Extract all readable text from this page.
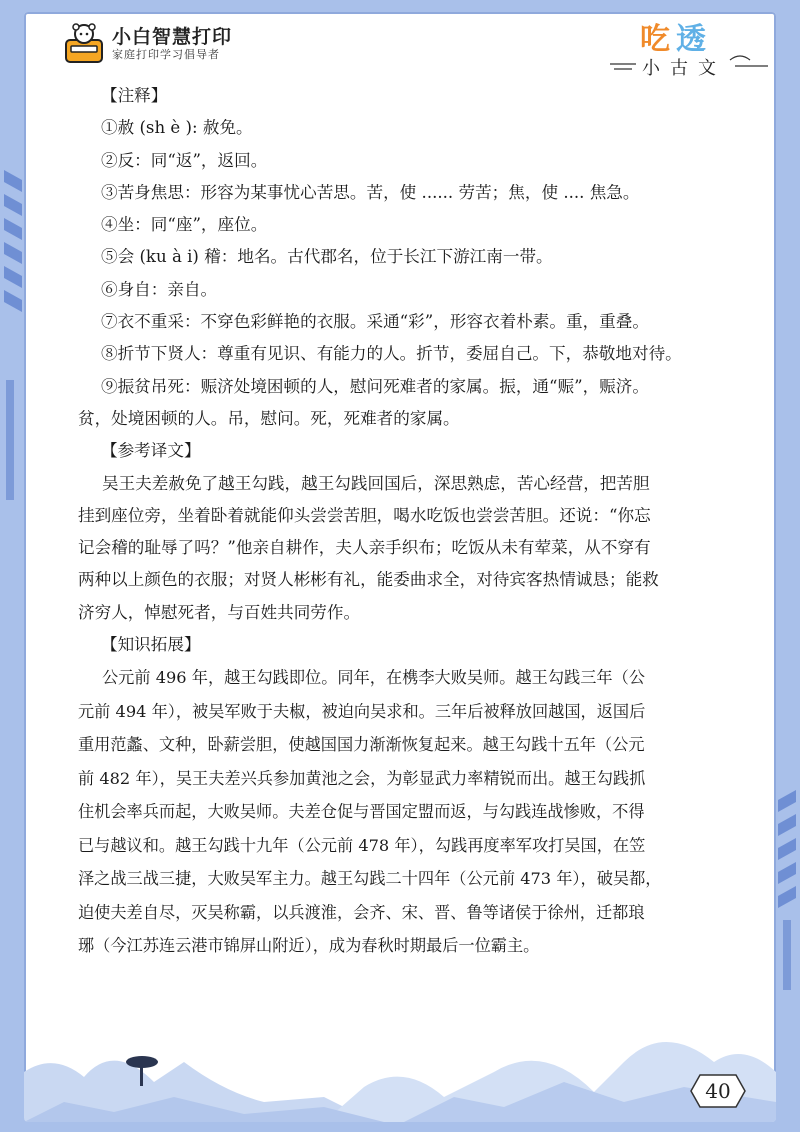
40
小白智慧打印
家庭打印学习倡导者	吃 透
小古文
【注释】
①赦 (sh è ): 赦免。
②反：同“返”，返回。
③苦身焦思：形容为某事忧心苦思。苦，使 ...... 劳苦；焦，使 .... 焦急。
④坐：同“座”，座位。
⑤会 (ku à i) 稽：地名。古代郡名，位于长江下游江南一带。
⑥身自：亲自。
⑦衣不重采：不穿色彩鲜艳的衣服。采通“彩”，形容衣着朴素。重，重叠。
⑧折节下贤人：尊重有见识、有能力的人。折节，委屈自己。下，恭敬地对待。
⑨振贫吊死：赈济处境困顿的人，慰问死难者的家属。振，通“赈”，赈济。
贫，处境困顿的人。吊，慰问。死，死难者的家属。
【参考译文】
吴王夫差赦免了越王勾践，越王勾践回国后，深思熟虑，苦心经营，把苦胆
挂到座位旁，坐着卧着就能仰头尝尝苦胆，喝水吃饭也尝尝苦胆。还说：“你忘
记会稽的耻辱了吗？”他亲自耕作，夫人亲手织布；吃饭从未有荤菜，从不穿有
两种以上颜色的衣服；对贤人彬彬有礼，能委曲求全，对待宾客热情诚恳；能救
济穷人，悼慰死者，与百姓共同劳作。
【知识拓展】
公元前 496 年，越王勾践即位。同年，在槜李大败吴师。越王勾践三年（公
元前 494 年），被吴军败于夫椒，被迫向吴求和。三年后被释放回越国，返国后
重用范蠡、文种，卧薪尝胆，使越国国力渐渐恢复起来。越王勾践十五年（公元
前 482 年），吴王夫差兴兵参加黄池之会，为彰显武力率精锐而出。越王勾践抓
住机会率兵而起，大败吴师。夫差仓促与晋国定盟而返，与勾践连战惨败，不得
已与越议和。越王勾践十九年（公元前 478 年），勾践再度率军攻打吴国，在笠
泽之战三战三捷，大败吴军主力。越王勾践二十四年（公元前 473 年），破吴都，
迫使夫差自尽，灭吴称霸，以兵渡淮，会齐、宋、晋、鲁等诸侯于徐州，迁都琅
琊（今江苏连云港市锦屏山附近），成为春秋时期最后一位霸主。
